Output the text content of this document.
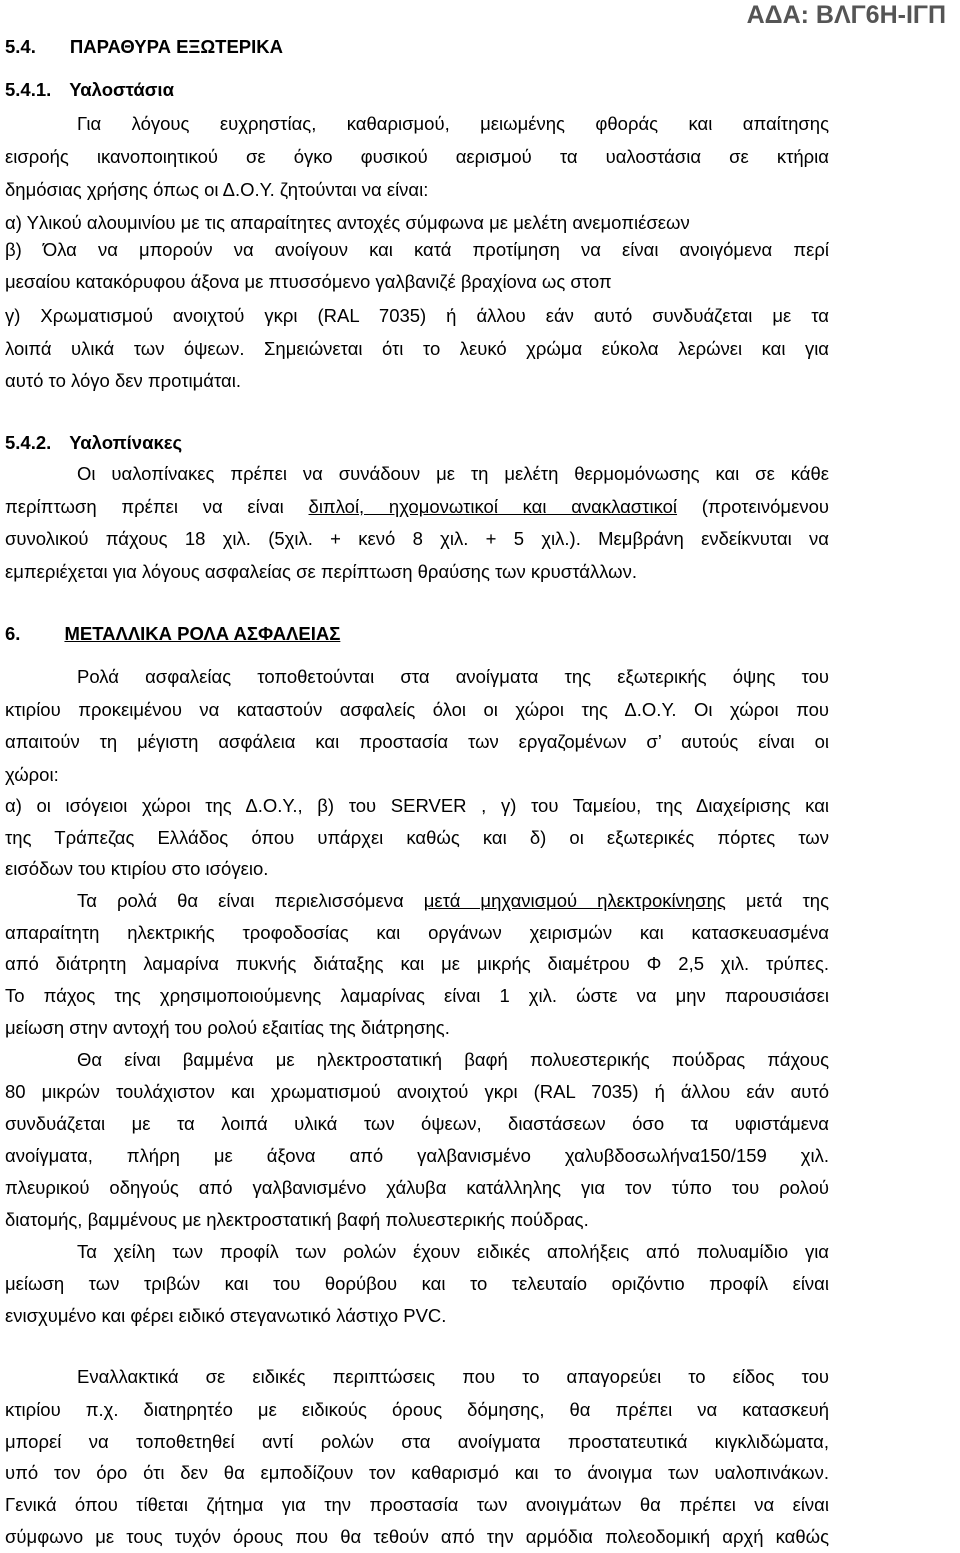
ΑΔΑ: ΒΛΓ6Η-ΙΓΠ
5.4. ΠΑΡΑΘΥΡΑ ΕΞΩΤΕΡΙΚΑ
5.4.1. Υαλοστάσια
Για λόγους ευχρηστίας, καθαρισμού, μειωμένης φθοράς και απαίτησης
εισροής ικανοποιητικού σε όγκο φυσικού αερισμού τα υαλοστάσια σε κτήρια
δημόσιας χρήσης όπως οι Δ.Ο.Υ. ζητούνται να είναι:
α) Υλικού αλουμινίου με τις απαραίτητες αντοχές σύμφωνα με μελέτη ανεμοπιέσεων
β) Όλα να μπορούν να ανοίγουν και κατά προτίμηση να είναι ανοιγόμενα περί
μεσαίου κατακόρυφου άξονα με πτυσσόμενο γαλβανιζέ βραχίονα ως στοπ
γ) Χρωματισμού ανοιχτού γκρι (RAL 7035) ή άλλου εάν αυτό συνδυάζεται με τα
λοιπά υλικά των όψεων. Σημειώνεται ότι το λευκό χρώμα εύκολα λερώνει και για
αυτό το λόγο δεν προτιμάται.
5.4.2. Υαλοπίνακες
Οι υαλοπίνακες πρέπει να συνάδουν με τη μελέτη θερμομόνωσης και σε κάθε
περίπτωση πρέπει να είναι διπλοί, ηχομονωτικοί και ανακλαστικοί (προτεινόμενου
συνολικού πάχους 18 χιλ. (5χιλ. + κενό 8 χιλ. + 5 χιλ.). Μεμβράνη ενδείκνυται να
εμπεριέχεται για λόγους ασφαλείας σε περίπτωση θραύσης των κρυστάλλων.
6. ΜΕΤΑΛΛΙΚΑ ΡΟΛΑ ΑΣΦΑΛΕΙΑΣ
Ρολά ασφαλείας τοποθετούνται στα ανοίγματα της εξωτερικής όψης του
κτιρίου προκειμένου να καταστούν ασφαλείς όλοι οι χώροι της Δ.Ο.Υ. Οι χώροι που
απαιτούν τη μέγιστη ασφάλεια και προστασία των εργαζομένων σ’ αυτούς είναι οι
χώροι:
α) οι ισόγειοι χώροι της Δ.Ο.Υ., β) του SERVER , γ) του Ταμείου, της Διαχείρισης και
της Τράπεζας Ελλάδος όπου υπάρχει καθώς και δ) οι εξωτερικές πόρτες των
εισόδων του κτιρίου στο ισόγειο.
Τα ρολά θα είναι περιελισσόμενα μετά μηχανισμού ηλεκτροκίνησης μετά της
απαραίτητη ηλεκτρικής τροφοδοσίας και οργάνων χειρισμών και κατασκευασμένα
από διάτρητη λαμαρίνα πυκνής διάταξης και με μικρής διαμέτρου Φ 2,5 χιλ. τρύπες.
Το πάχος της χρησιμοποιούμενης λαμαρίνας είναι 1 χιλ. ώστε να μην παρουσιάσει
μείωση στην αντοχή του ρολού εξαιτίας της διάτρησης.
Θα είναι βαμμένα με ηλεκτροστατική βαφή πολυεστερικής πούδρας πάχους
80 μικρών τουλάχιστον και χρωματισμού ανοιχτού γκρι (RAL 7035) ή άλλου εάν αυτό
συνδυάζεται με τα λοιπά υλικά των όψεων, διαστάσεων όσο τα υφιστάμενα
ανοίγματα, πλήρη με άξονα από γαλβανισμένο χαλυβδοσωλήνα150/159 χιλ.
πλευρικού οδηγούς από γαλβανισμένο χάλυβα κατάλληλης για τον τύπο του ρολού
διατομής, βαμμένους με ηλεκτροστατική βαφή πολυεστερικής πούδρας.
Τα χείλη των προφίλ των ρολών έχουν ειδικές απολήξεις από πολυαμίδιο για
μείωση των τριβών και του θορύβου και το τελευταίο οριζόντιο προφίλ είναι
ενισχυμένο και φέρει ειδικό στεγανωτικό λάστιχο PVC.
Εναλλακτικά σε ειδικές περιπτώσεις που το απαγορεύει το είδος του
κτιρίου π.χ. διατηρητέο με ειδικούς όρους δόμησης, θα πρέπει να κατασκευή
μπορεί να τοποθετηθεί αντί ρολών στα ανοίγματα προστατευτικά κιγκλιδώματα,
υπό τον όρο ότι δεν θα εμποδίζουν τον καθαρισμό και το άνοιγμα των υαλοπινάκων.
Γενικά όπου τίθεται ζήτημα για την προστασία των ανοιγμάτων θα πρέπει να είναι
σύμφωνο με τους τυχόν όρους που θα τεθούν από την αρμόδια πολεοδομική αρχή καθώς
